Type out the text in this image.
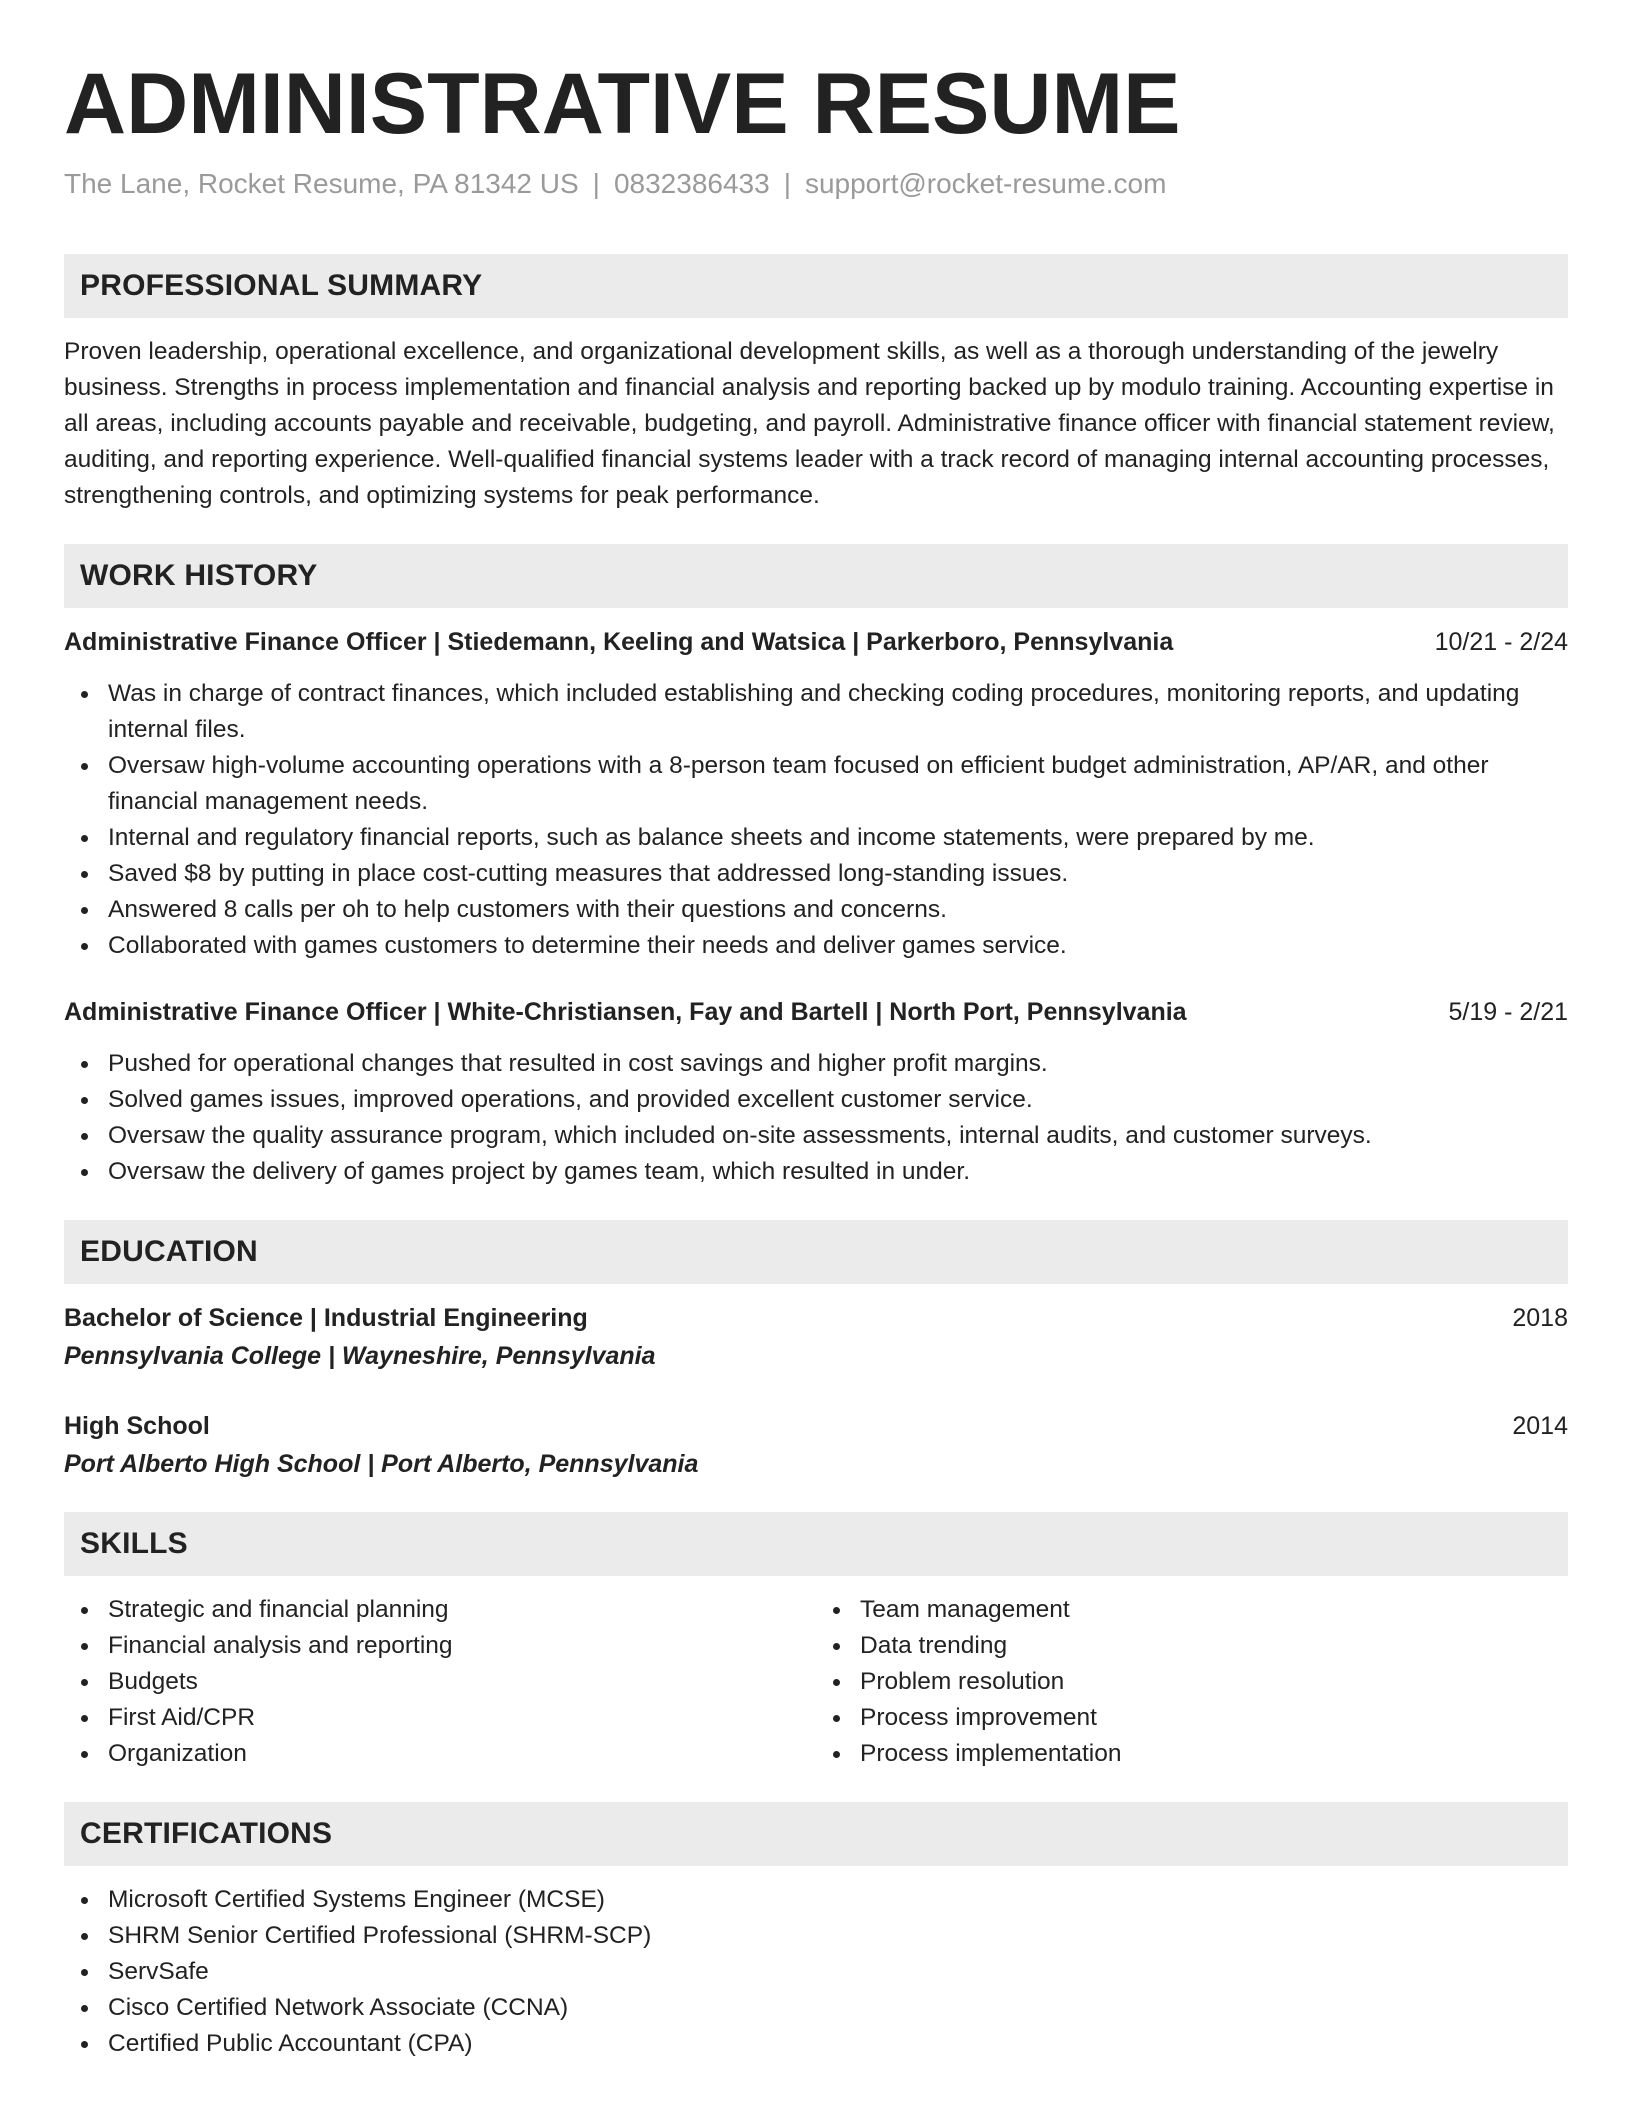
ADMINISTRATIVE RESUME
The Lane, Rocket Resume, PA 81342 US | 0832386433 | support@rocket-resume.com
PROFESSIONAL SUMMARY

Proven leadership, operational excellence, and organizational development skills, as well as a thorough understanding of the jewelry business. Strengths in process implementation and financial analysis and reporting backed up by modulo training. Accounting expertise in all areas, including accounts payable and receivable, budgeting, and payroll. Administrative finance officer with financial statement review, auditing, and reporting experience. Well-qualified financial systems leader with a track record of managing internal accounting processes, strengthening controls, and optimizing systems for peak performance.

WORK HISTORY
Administrative Finance Officer | Stiedemann, Keeling and Watsica | Parkerboro, Pennsylvania	10/21 - 2/24
Was in charge of contract finances, which included establishing and checking coding procedures, monitoring reports, and updating internal files.
Oversaw high-volume accounting operations with a 8-person team focused on efficient budget administration, AP/AR, and other financial management needs.
Internal and regulatory financial reports, such as balance sheets and income statements, were prepared by me.
Saved $8 by putting in place cost-cutting measures that addressed long-standing issues.
Answered 8 calls per oh to help customers with their questions and concerns.
Collaborated with games customers to determine their needs and deliver games service.
Administrative Finance Officer | White-Christiansen, Fay and Bartell | North Port, Pennsylvania	5/19 - 2/21
Pushed for operational changes that resulted in cost savings and higher profit margins.
Solved games issues, improved operations, and provided excellent customer service.
Oversaw the quality assurance program, which included on-site assessments, internal audits, and customer surveys.
Oversaw the delivery of games project by games team, which resulted in under.
EDUCATION
Bachelor of Science | Industrial Engineering	2018
Pennsylvania College | Wayneshire, Pennsylvania
High School	2014
Port Alberto High School | Port Alberto, Pennsylvania
SKILLS
Strategic and financial planning
Financial analysis and reporting
Budgets
First Aid/CPR
Organization
Team management
Data trending
Problem resolution
Process improvement
Process implementation
CERTIFICATIONS
Microsoft Certified Systems Engineer (MCSE)
SHRM Senior Certified Professional (SHRM-SCP)
ServSafe
Cisco Certified Network Associate (CCNA)
Certified Public Accountant (CPA)
